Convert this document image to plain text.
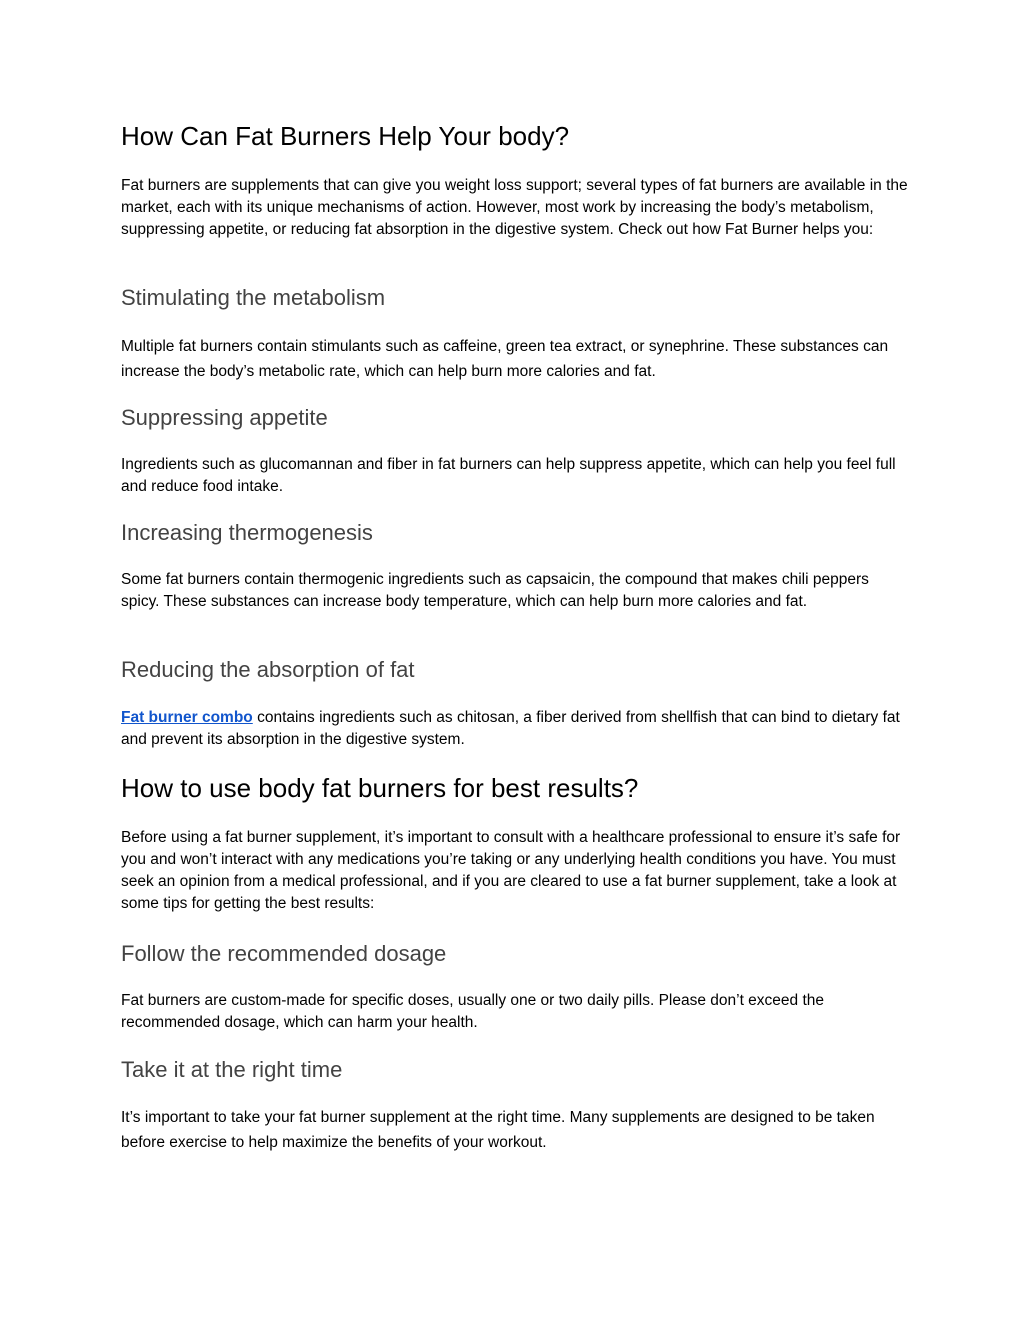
How Can Fat Burners Help Your body?

Fat burners are supplements that can give you weight loss support; several types of fat burners are available in the market, each with its unique mechanisms of action. However, most work by increasing the body’s metabolism, suppressing appetite, or reducing fat absorption in the digestive system. Check out how Fat Burner helps you:

Stimulating the metabolism

Multiple fat burners contain stimulants such as caffeine, green tea extract, or synephrine. These substances can increase the body’s metabolic rate, which can help burn more calories and fat.

Suppressing appetite

Ingredients such as glucomannan and fiber in fat burners can help suppress appetite, which can help you feel full and reduce food intake.

Increasing thermogenesis

Some fat burners contain thermogenic ingredients such as capsaicin, the compound that makes chili peppers spicy. These substances can increase body temperature, which can help burn more calories and fat.

Reducing the absorption of fat

Fat burner combo contains ingredients such as chitosan, a fiber derived from shellfish that can bind to dietary fat and prevent its absorption in the digestive system.

How to use body fat burners for best results?

Before using a fat burner supplement, it’s important to consult with a healthcare professional to ensure it’s safe for you and won’t interact with any medications you’re taking or any underlying health conditions you have. You must seek an opinion from a medical professional, and if you are cleared to use a fat burner supplement, take a look at some tips for getting the best results:

Follow the recommended dosage

Fat burners are custom-made for specific doses, usually one or two daily pills. Please don’t exceed the recommended dosage, which can harm your health.

Take it at the right time

It’s important to take your fat burner supplement at the right time. Many supplements are designed to be taken before exercise to help maximize the benefits of your workout.
